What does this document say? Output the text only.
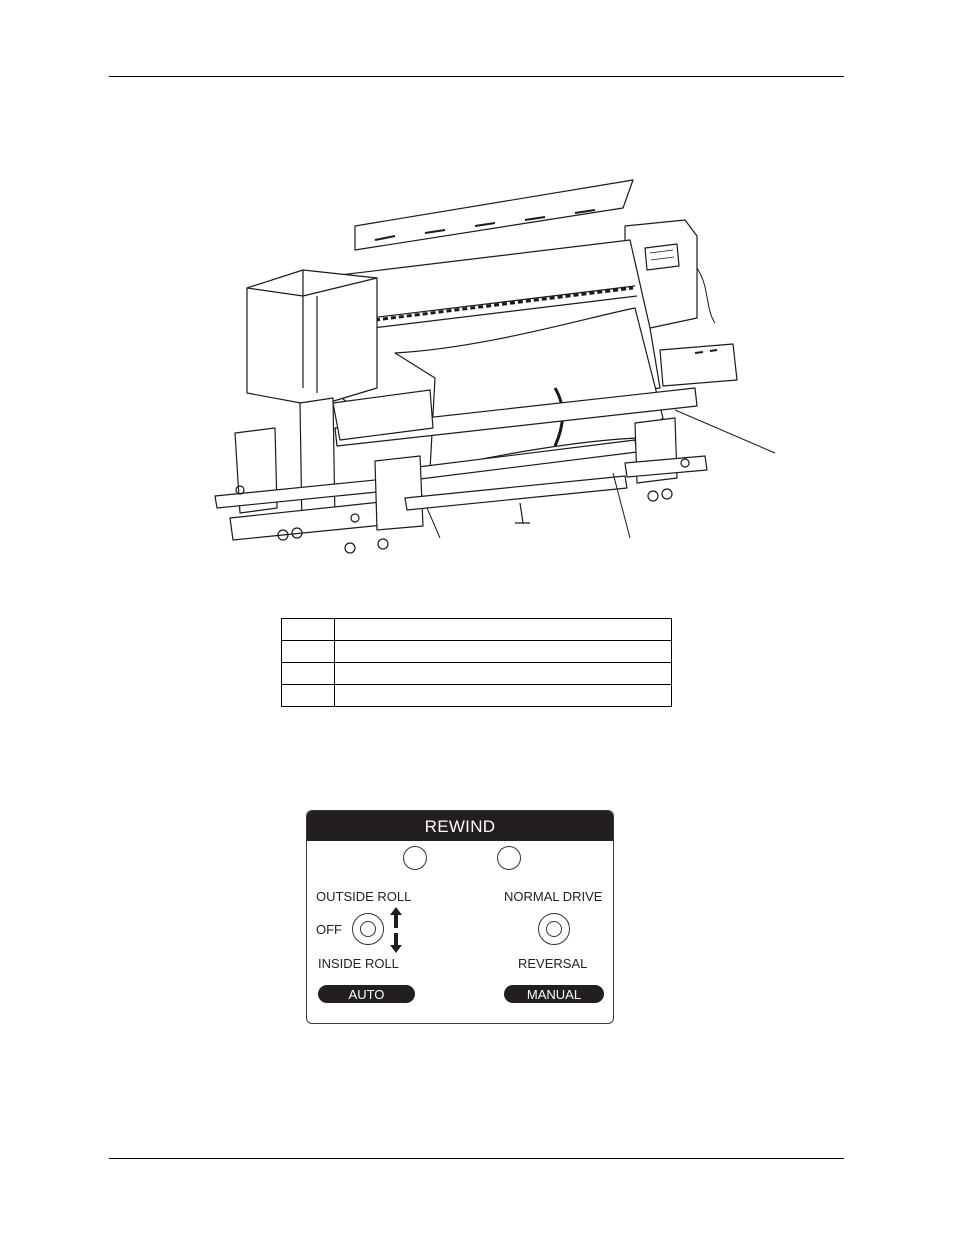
REWIND
OUTSIDE ROLL
OFF
INSIDE ROLL
NORMAL DRIVE
REVERSAL
AUTO	MANUAL
